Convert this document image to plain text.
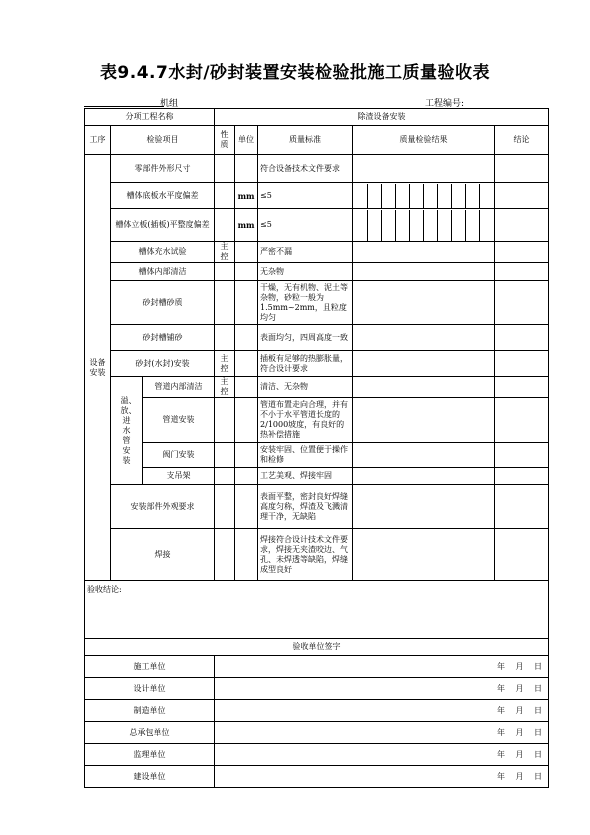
表9.4.7水封/砂封装置安装检验批施工质量验收表
机组	工程编号:
分项工程名称	除渣设备安装
工序	检验项目	性质	单位	质量标准	质量检验结果	结论
设备安装	零部件外形尺寸			符合设备技术文件要求		
槽体底板水平度偏差		mm	≤5	

槽体立板(插板)平整度偏差		mm	≤5	

槽体充水试验	主控		严密不漏		
槽体内部清洁			无杂物		
砂封槽砂质			干燥，无有机物、泥土等杂物，砂粒一般为1.5mm~2mm，且粒度均匀		
砂封槽铺砂			表面均匀，四周高度一致		
砂封(水封)安装	主控		插板有足够的热膨胀量，符合设计要求		
溢、放、进水管安装	管道内部清洁	主控		清洁、无杂物		
管道安装			管道布置走向合理，并有不小于水平管道长度的2/1000坡度，有良好的热补偿措施		
阀门安装			安装牢固、位置便于操作和检修		
支吊架			工艺美观、焊接牢固		
安装部件外观要求			表面平整，密封良好焊缝高度匀称，焊渣及飞溅清理干净，无缺陷		
焊接			焊接符合设计技术文件要求，焊接无夹渣咬边、气孔、未焊透等缺陷，焊缝成型良好		
验收结论:
验收单位签字
施工单位	年 月 日
设计单位	年 月 日
制造单位	年 月 日
总承包单位	年 月 日
监理单位	年 月 日
建设单位	年 月 日
